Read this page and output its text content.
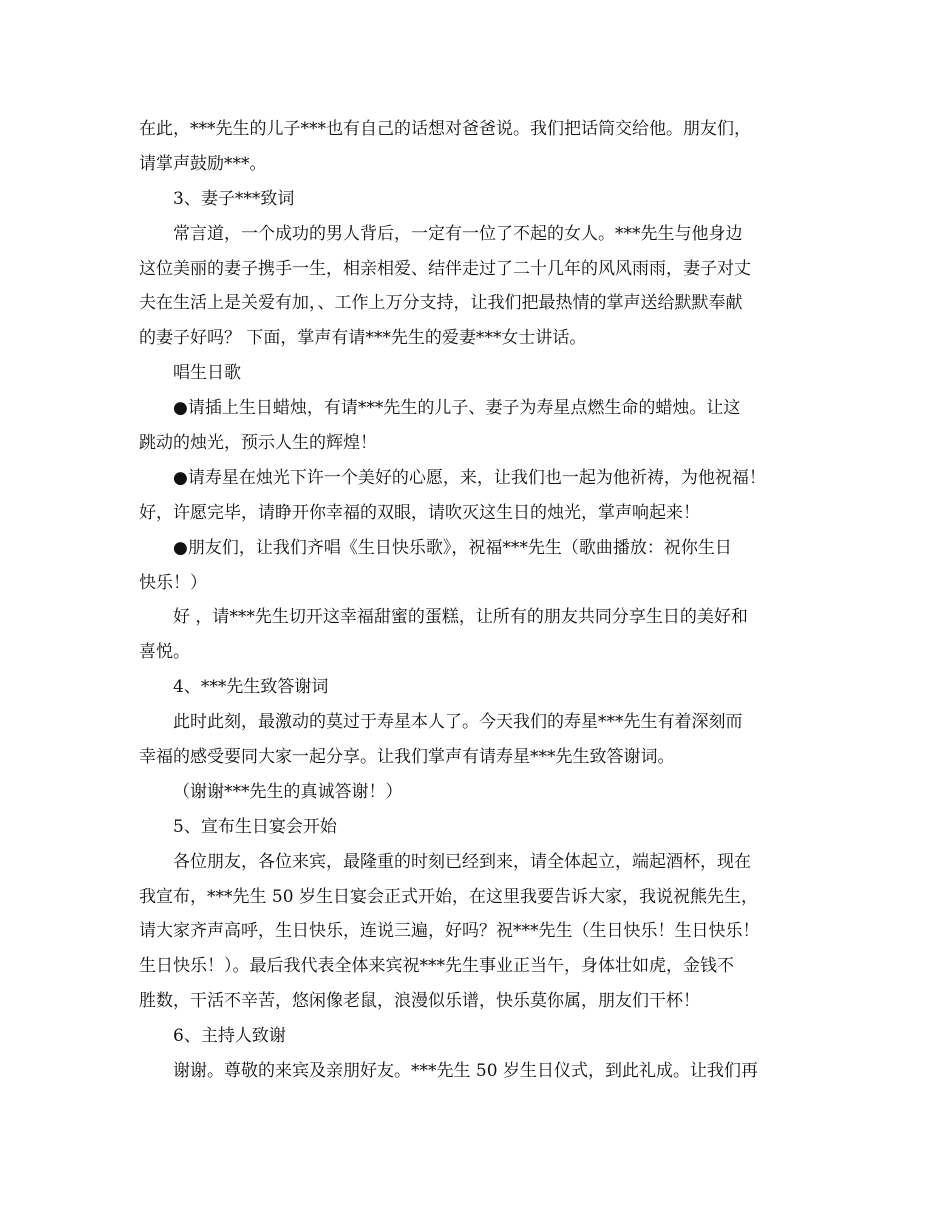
在此，***先生的儿子***也有自己的话想对爸爸说。我们把话筒交给他。朋友们，
请掌声鼓励***。
3、妻子***致词
常言道，一个成功的男人背后，一定有一位了不起的女人。***先生与他身边
这位美丽的妻子携手一生，相亲相爱、结伴走过了二十几年的风风雨雨，妻子对丈
夫在生活上是关爱有加，、工作上万分支持，让我们把最热情的掌声送给默默奉献
的妻子好吗？ 下面，掌声有请***先生的爱妻***女士讲话。
唱生日歌
●请插上生日蜡烛，有请***先生的儿子、妻子为寿星点燃生命的蜡烛。让这
跳动的烛光，预示人生的辉煌！
●请寿星在烛光下许一个美好的心愿，来，让我们也一起为他祈祷，为他祝福！
好，许愿完毕，请睁开你幸福的双眼，请吹灭这生日的烛光，掌声响起来！
●朋友们，让我们齐唱《生日快乐歌》，祝福***先生（歌曲播放：祝你生日
快乐！）
好 ，请***先生切开这幸福甜蜜的蛋糕，让所有的朋友共同分享生日的美好和
喜悦。
4、***先生致答谢词
此时此刻，最激动的莫过于寿星本人了。今天我们的寿星***先生有着深刻而
幸福的感受要同大家一起分享。让我们掌声有请寿星***先生致答谢词。
（谢谢***先生的真诚答谢！）
5、宣布生日宴会开始
各位朋友，各位来宾，最隆重的时刻已经到来，请全体起立，端起酒杯，现在
我宣布，***先生 50 岁生日宴会正式开始，在这里我要告诉大家，我说祝熊先生，
请大家齐声高呼，生日快乐，连说三遍，好吗？祝***先生（生日快乐！生日快乐！
生日快乐！）。最后我代表全体来宾祝***先生事业正当午，身体壮如虎，金钱不
胜数，干活不辛苦，悠闲像老鼠，浪漫似乐谱，快乐莫你属，朋友们干杯！
6、主持人致谢
谢谢。尊敬的来宾及亲朋好友。***先生 50 岁生日仪式，到此礼成。让我们再
